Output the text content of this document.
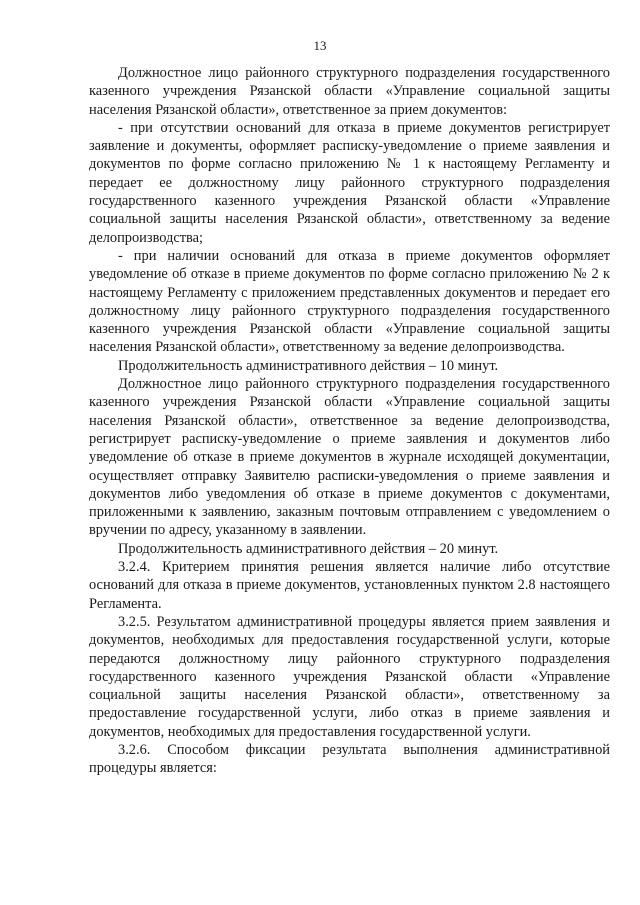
13

Должностное лицо районного структурного подразделения государственного казенного учреждения Рязанской области «Управление социальной защиты населения Рязанской области», ответственное за прием документов:

- при отсутствии оснований для отказа в приеме документов регистрирует заявление и документы, оформляет расписку-уведомление о приеме заявления и документов по форме согласно приложению № 1 к настоящему Регламенту и передает ее должностному лицу районного структурного подразделения государственного казенного учреждения Рязанской области «Управление социальной защиты населения Рязанской области», ответственному за ведение делопроизводства;

- при наличии оснований для отказа в приеме документов оформляет уведомление об отказе в приеме документов по форме согласно приложению № 2 к настоящему Регламенту с приложением представленных документов и передает его должностному лицу районного структурного подразделения государственного казенного учреждения Рязанской области «Управление социальной защиты населения Рязанской области», ответственному за ведение делопроизводства.

Продолжительность административного действия – 10 минут.

Должностное лицо районного структурного подразделения государственного казенного учреждения Рязанской области «Управление социальной защиты населения Рязанской области», ответственное за ведение делопроизводства, регистрирует расписку-уведомление о приеме заявления и документов либо уведомление об отказе в приеме документов в журнале исходящей документации, осуществляет отправку Заявителю расписки-уведомления о приеме заявления и документов либо уведомления об отказе в приеме документов с документами, приложенными к заявлению, заказным почтовым отправлением с уведомлением о вручении по адресу, указанному в заявлении.

Продолжительность административного действия – 20 минут.

3.2.4. Критерием принятия решения является наличие либо отсутствие оснований для отказа в приеме документов, установленных пунктом 2.8 настоящего Регламента.

3.2.5. Результатом административной процедуры является прием заявления и документов, необходимых для предоставления государственной услуги, которые передаются должностному лицу районного структурного подразделения государственного казенного учреждения Рязанской области «Управление социальной защиты населения Рязанской области», ответственному за предоставление государственной услуги, либо отказ в приеме заявления и документов, необходимых для предоставления государственной услуги.

3.2.6. Способом фиксации результата выполнения административной процедуры является:
